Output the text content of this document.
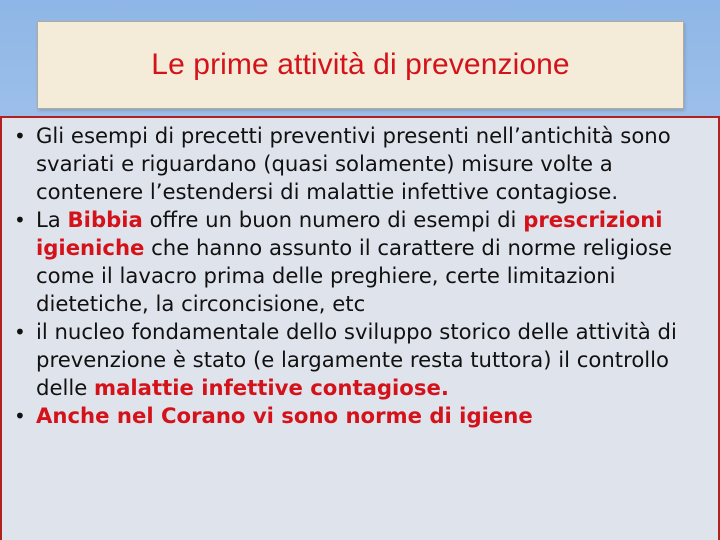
Le prime attività di prevenzione
• Gli esempi di precetti preventivi presenti nell’antichità sono svariati e riguardano (quasi solamente) misure volte a contenere l’estendersi di malattie infettive contagiose.
• La Bibbia offre un buon numero di esempi di prescrizioni igieniche che hanno assunto il carattere di norme religiose come il lavacro prima delle preghiere, certe limitazioni dietetiche, la circoncisione, etc
• il nucleo fondamentale dello sviluppo storico delle attività di prevenzione è stato (e largamente resta tuttora) il controllo delle malattie infettive contagiose.
• Anche nel Corano vi sono norme di igiene
